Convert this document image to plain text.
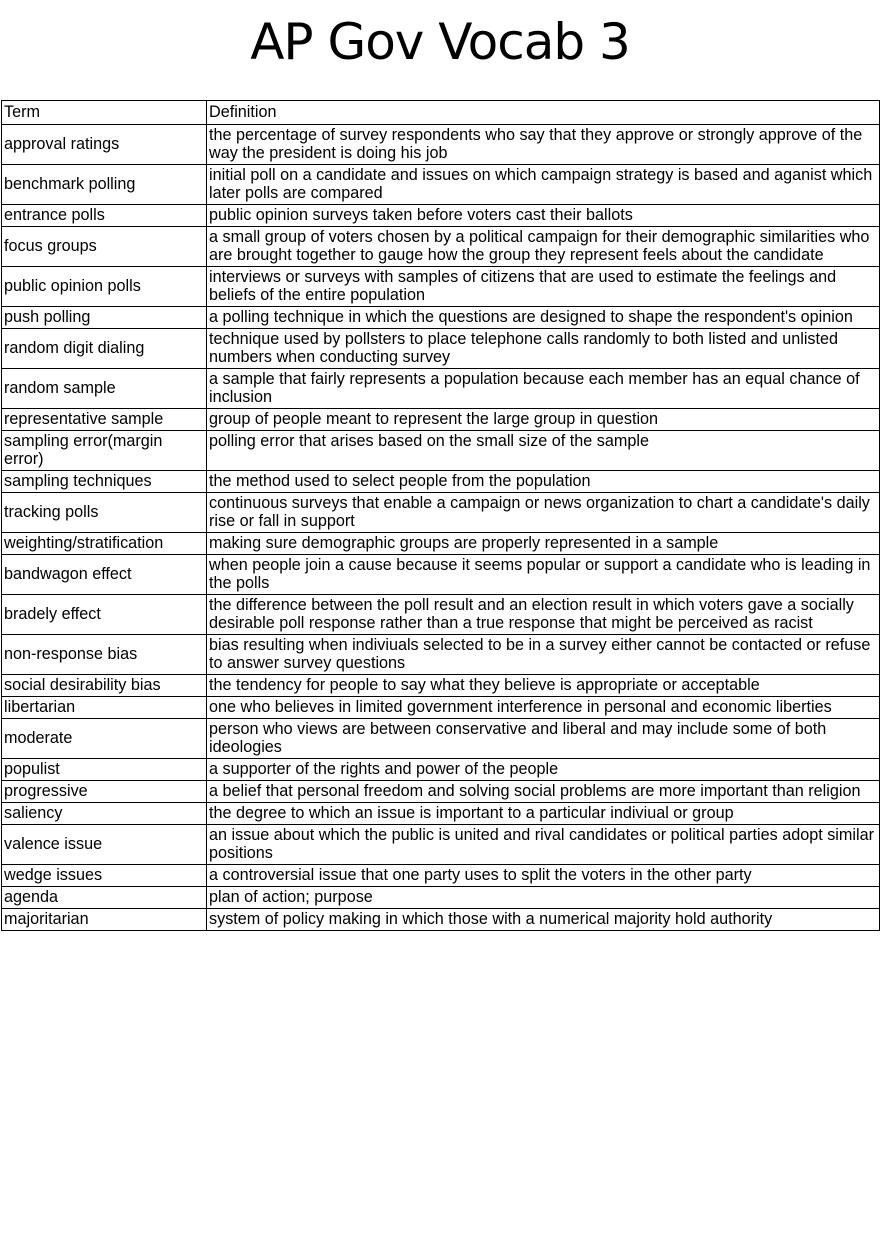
AP Gov Vocab 3
Term	Definition
approval ratings	the percentage of survey respondents who say that they approve or strongly approve of the way the president is doing his job
benchmark polling	initial poll on a candidate and issues on which campaign strategy is based and aganist which later polls are compared
entrance polls	public opinion surveys taken before voters cast their ballots
focus groups	a small group of voters chosen by a political campaign for their demographic similarities who are brought together to gauge how the group they represent feels about the candidate
public opinion polls	interviews or surveys with samples of citizens that are used to estimate the feelings and beliefs of the entire population
push polling	a polling technique in which the questions are designed to shape the respondent's opinion
random digit dialing	technique used by pollsters to place telephone calls randomly to both listed and unlisted numbers when conducting survey
random sample	a sample that fairly represents a population because each member has an equal chance of inclusion
representative sample	group of people meant to represent the large group in question
sampling error(margin error)	polling error that arises based on the small size of the sample
sampling techniques	the method used to select people from the population
tracking polls	continuous surveys that enable a campaign or news organization to chart a candidate's daily rise or fall in support
weighting/stratification	making sure demographic groups are properly represented in a sample
bandwagon effect	when people join a cause because it seems popular or support a candidate who is leading in the polls
bradely effect	the difference between the poll result and an election result in which voters gave a socially desirable poll response rather than a true response that might be perceived as racist
non-response bias	bias resulting when indiviuals selected to be in a survey either cannot be contacted or refuse to answer survey questions
social desirability bias	the tendency for people to say what they believe is appropriate or acceptable
libertarian	one who believes in limited government interference in personal and economic liberties
moderate	person who views are between conservative and liberal and may include some of both ideologies
populist	a supporter of the rights and power of the people
progressive	a belief that personal freedom and solving social problems are more important than religion
saliency	the degree to which an issue is important to a particular indiviual or group
valence issue	an issue about which the public is united and rival candidates or political parties adopt similar positions
wedge issues	a controversial issue that one party uses to split the voters in the other party
agenda	plan of action; purpose
majoritarian	system of policy making in which those with a numerical majority hold authority
